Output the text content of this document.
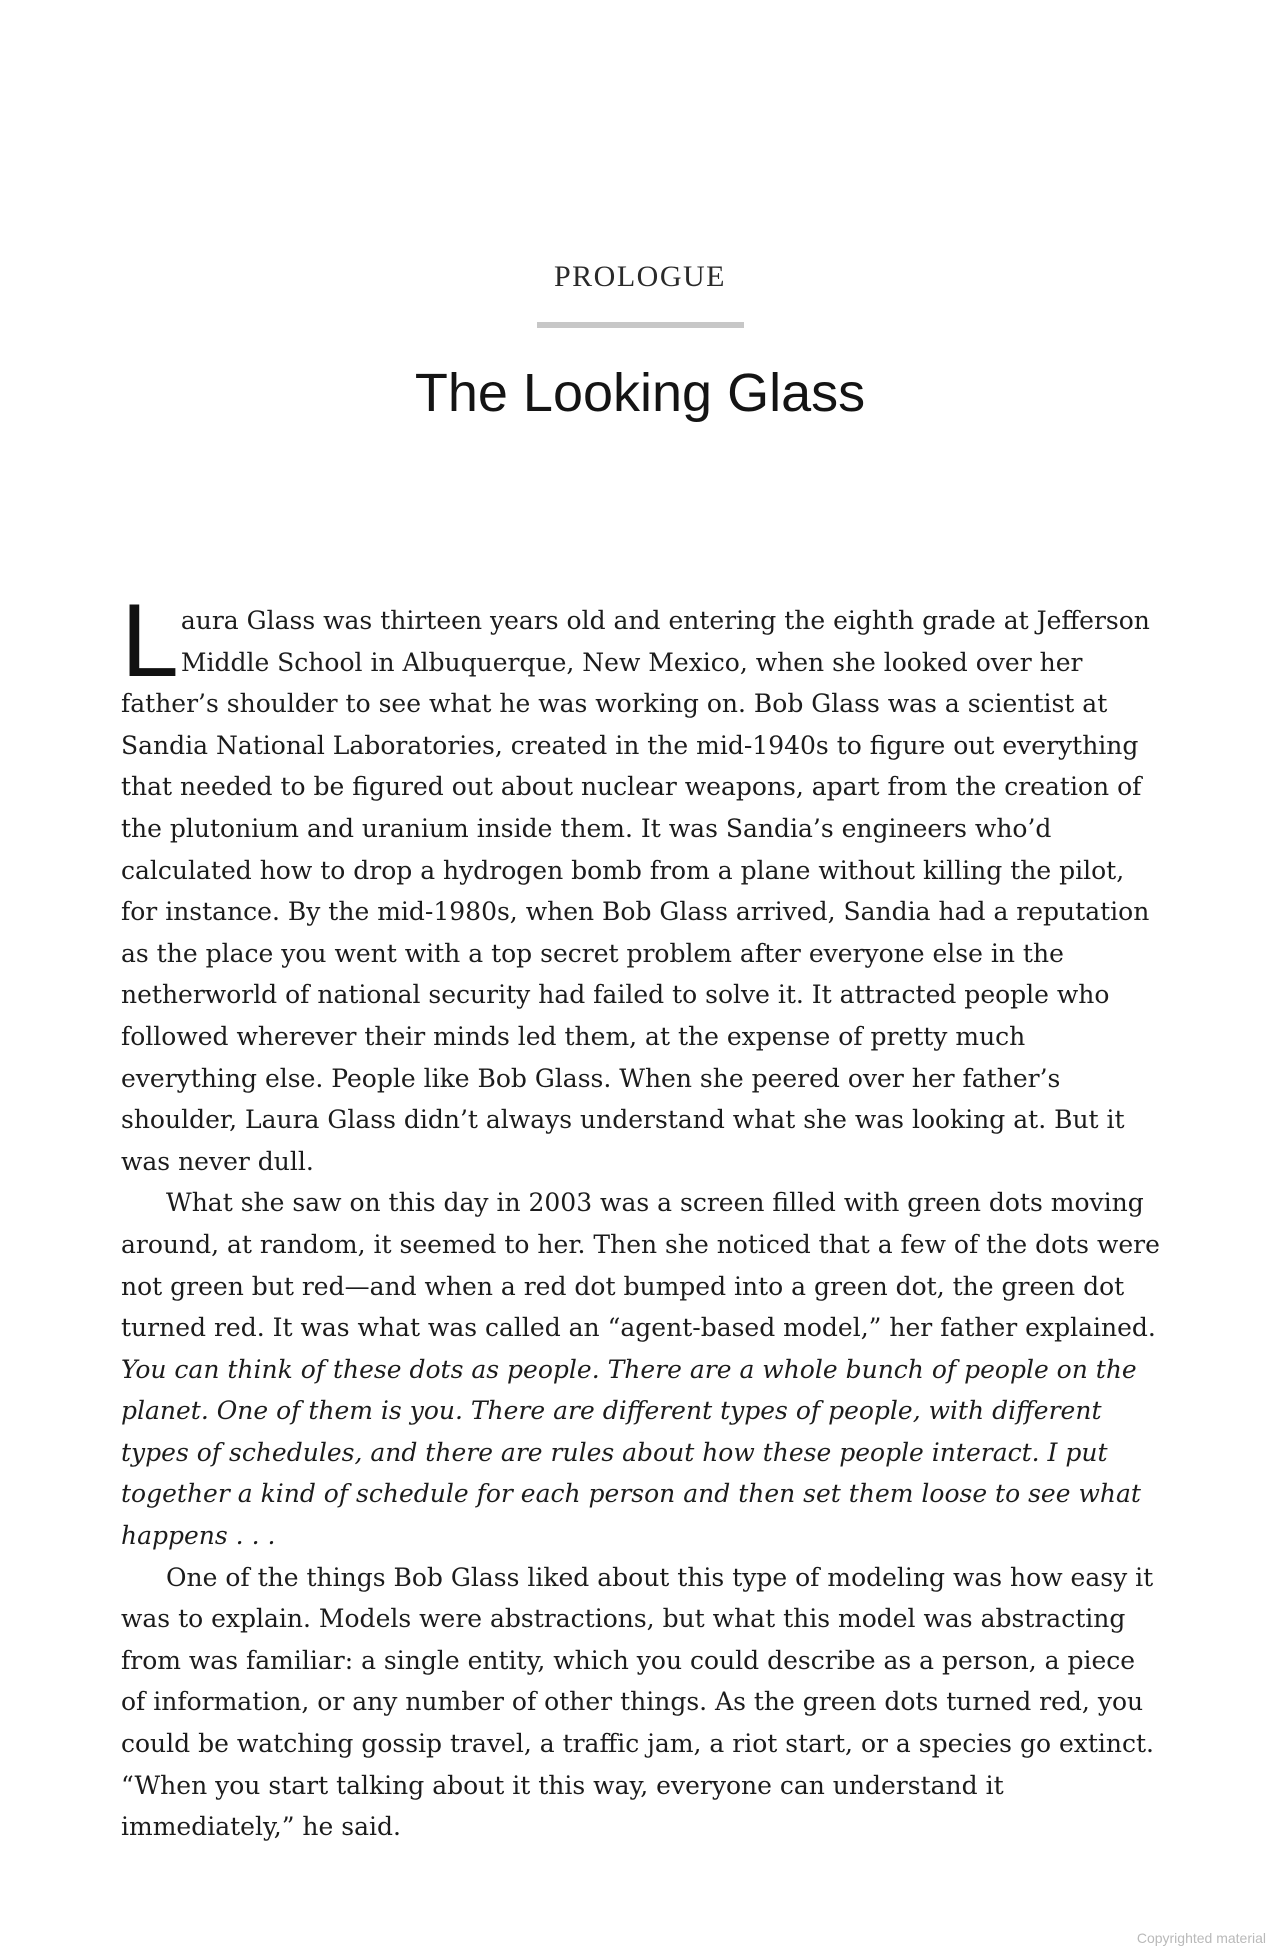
PROLOGUE
The Looking Glass

Laura Glass was thirteen years old and entering the eighth grade at Jefferson Middle School in Albuquerque, New Mexico, when she looked over her father’s shoulder to see what he was working on. Bob Glass was a scientist at Sandia National Laboratories, created in the mid-1940s to figure out everything that needed to be figured out about nuclear weapons, apart from the creation of the plutonium and uranium inside them. It was Sandia’s engineers who’d calculated how to drop a hydrogen bomb from a plane without killing the pilot, for instance. By the mid-1980s, when Bob Glass arrived, Sandia had a reputation as the place you went with a top secret problem after everyone else in the netherworld of national security had failed to solve it. It attracted people who followed wherever their minds led them, at the expense of pretty much everything else. People like Bob Glass. When she peered over her father’s shoulder, Laura Glass didn’t always understand what she was looking at. But it was never dull.

What she saw on this day in 2003 was a screen filled with green dots moving around, at random, it seemed to her. Then she noticed that a few of the dots were not green but red—and when a red dot bumped into a green dot, the green dot turned red. It was what was called an “agent-based model,” her father explained.

You can think of these dots as people. There are a whole bunch of people on the planet. One of them is you. There are different types of people, with different types of schedules, and there are rules about how these people interact. I put together a kind of schedule for each person and then set them loose to see what happens . . .

One of the things Bob Glass liked about this type of modeling was how easy it was to explain. Models were abstractions, but what this model was abstracting from was familiar: a single entity, which you could describe as a person, a piece of information, or any number of other things. As the green dots turned red, you could be watching gossip travel, a traffic jam, a riot start, or a species go extinct. “When you start talking about it this way, everyone can understand it immediately,” he said.

Copyrighted material
